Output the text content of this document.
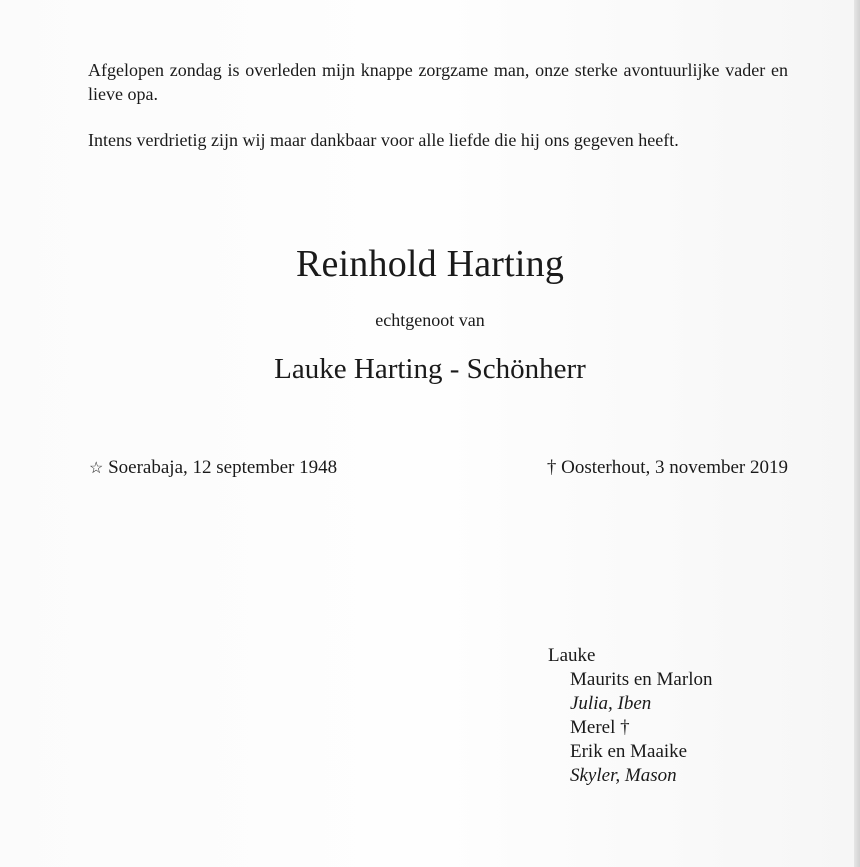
Afgelopen zondag is overleden mijn knappe zorgzame man, onze sterke avontuurlijke vader en lieve opa.

Intens verdrietig zijn wij maar dankbaar voor alle liefde die hij ons gegeven heeft.

Reinhold Harting

echtgenoot van

Lauke Harting - Schönherr

☆ Soerabaja, 12 september 1948	† Oosterhout, 3 november 2019
Lauke
Maurits en Marlon
Julia, Iben
Merel †
Erik en Maaike
Skyler, Mason
